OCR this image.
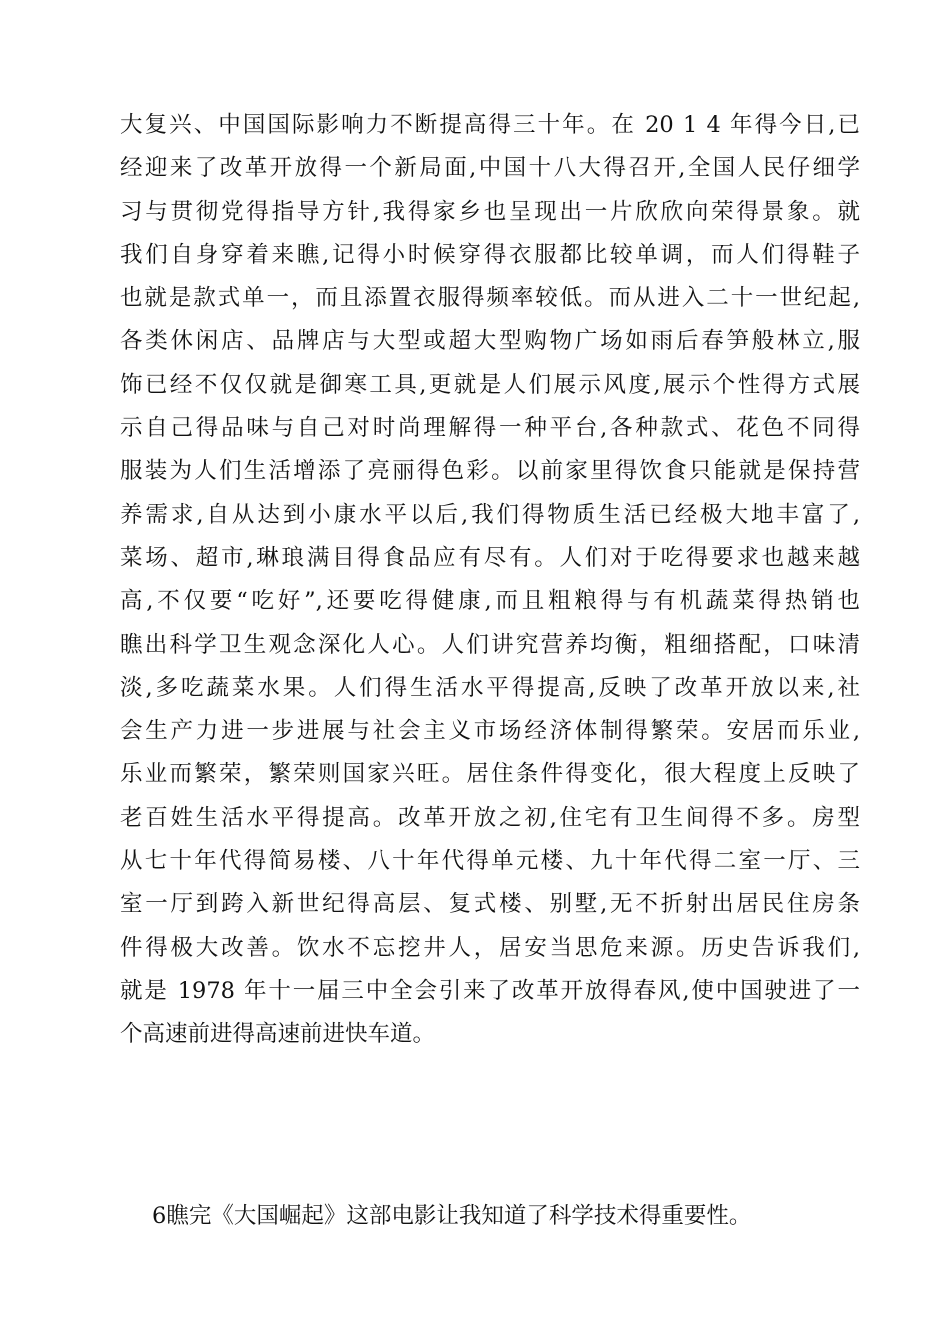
大复兴、中国国际影响力不断提高得三十年。在 20 1 4 年得今日,已
经迎来了改革开放得一个新局面,中国十八大得召开,全国人民仔细学
习与贯彻党得指导方针,我得家乡也呈现出一片欣欣向荣得景象。就
我们自身穿着来瞧,记得小时候穿得衣服都比较单调，而人们得鞋子
也就是款式单一，而且添置衣服得频率较低。而从进入二十一世纪起,
各类休闲店、品牌店与大型或超大型购物广场如雨后春笋般林立,服
饰已经不仅仅就是御寒工具,更就是人们展示风度,展示个性得方式展
示自己得品味与自己对时尚理解得一种平台,各种款式、花色不同得
服装为人们生活增添了亮丽得色彩。以前家里得饮食只能就是保持营
养需求,自从达到小康水平以后,我们得物质生活已经极大地丰富了,
菜场、超市,琳琅满目得食品应有尽有。人们对于吃得要求也越来越
高,不仅要“吃好”,还要吃得健康,而且粗粮得与有机蔬菜得热销也
瞧出科学卫生观念深化人心。人们讲究营养均衡，粗细搭配，口味清
淡,多吃蔬菜水果。人们得生活水平得提高,反映了改革开放以来,社
会生产力进一步进展与社会主义市场经济体制得繁荣。安居而乐业,
乐业而繁荣，繁荣则国家兴旺。居住条件得变化，很大程度上反映了
老百姓生活水平得提高。改革开放之初,住宅有卫生间得不多。房型
从七十年代得简易楼、八十年代得单元楼、九十年代得二室一厅、三
室一厅到跨入新世纪得高层、复式楼、别墅,无不折射出居民住房条
件得极大改善。饮水不忘挖井人，居安当思危来源。历史告诉我们,
就是 1978 年十一届三中全会引来了改革开放得春风,使中国驶进了一
个高速前进得高速前进快车道。
6瞧完《大国崛起》这部电影让我知道了科学技术得重要性。
